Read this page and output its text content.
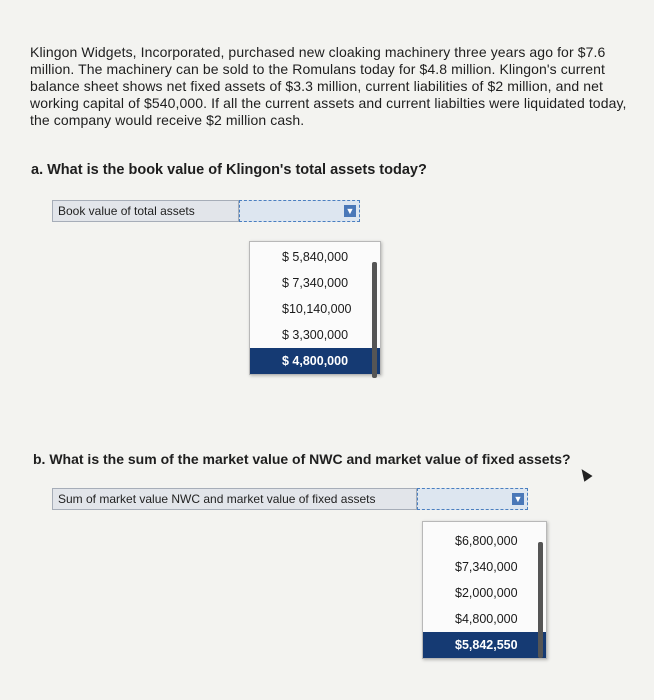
Klingon Widgets, Incorporated, purchased new cloaking machinery three years ago for $7.6 million. The machinery can be sold to the Romulans today for $4.8 million. Klingon's current balance sheet shows net fixed assets of $3.3 million, current liabilities of $2 million, and net working capital of $540,000. If all the current assets and current liabilties were liquidated today, the company would receive $2 million cash.

a. What is the book value of Klingon's total assets today?

Book value of total assets	▼
$ 5,840,000
$ 7,340,000
$10,140,000
$ 3,300,000
$ 4,800,000

b. What is the sum of the market value of NWC and market value of fixed assets?

Sum of market value NWC and market value of fixed assets	▼
$6,800,000
$7,340,000
$2,000,000
$4,800,000
$5,842,550
